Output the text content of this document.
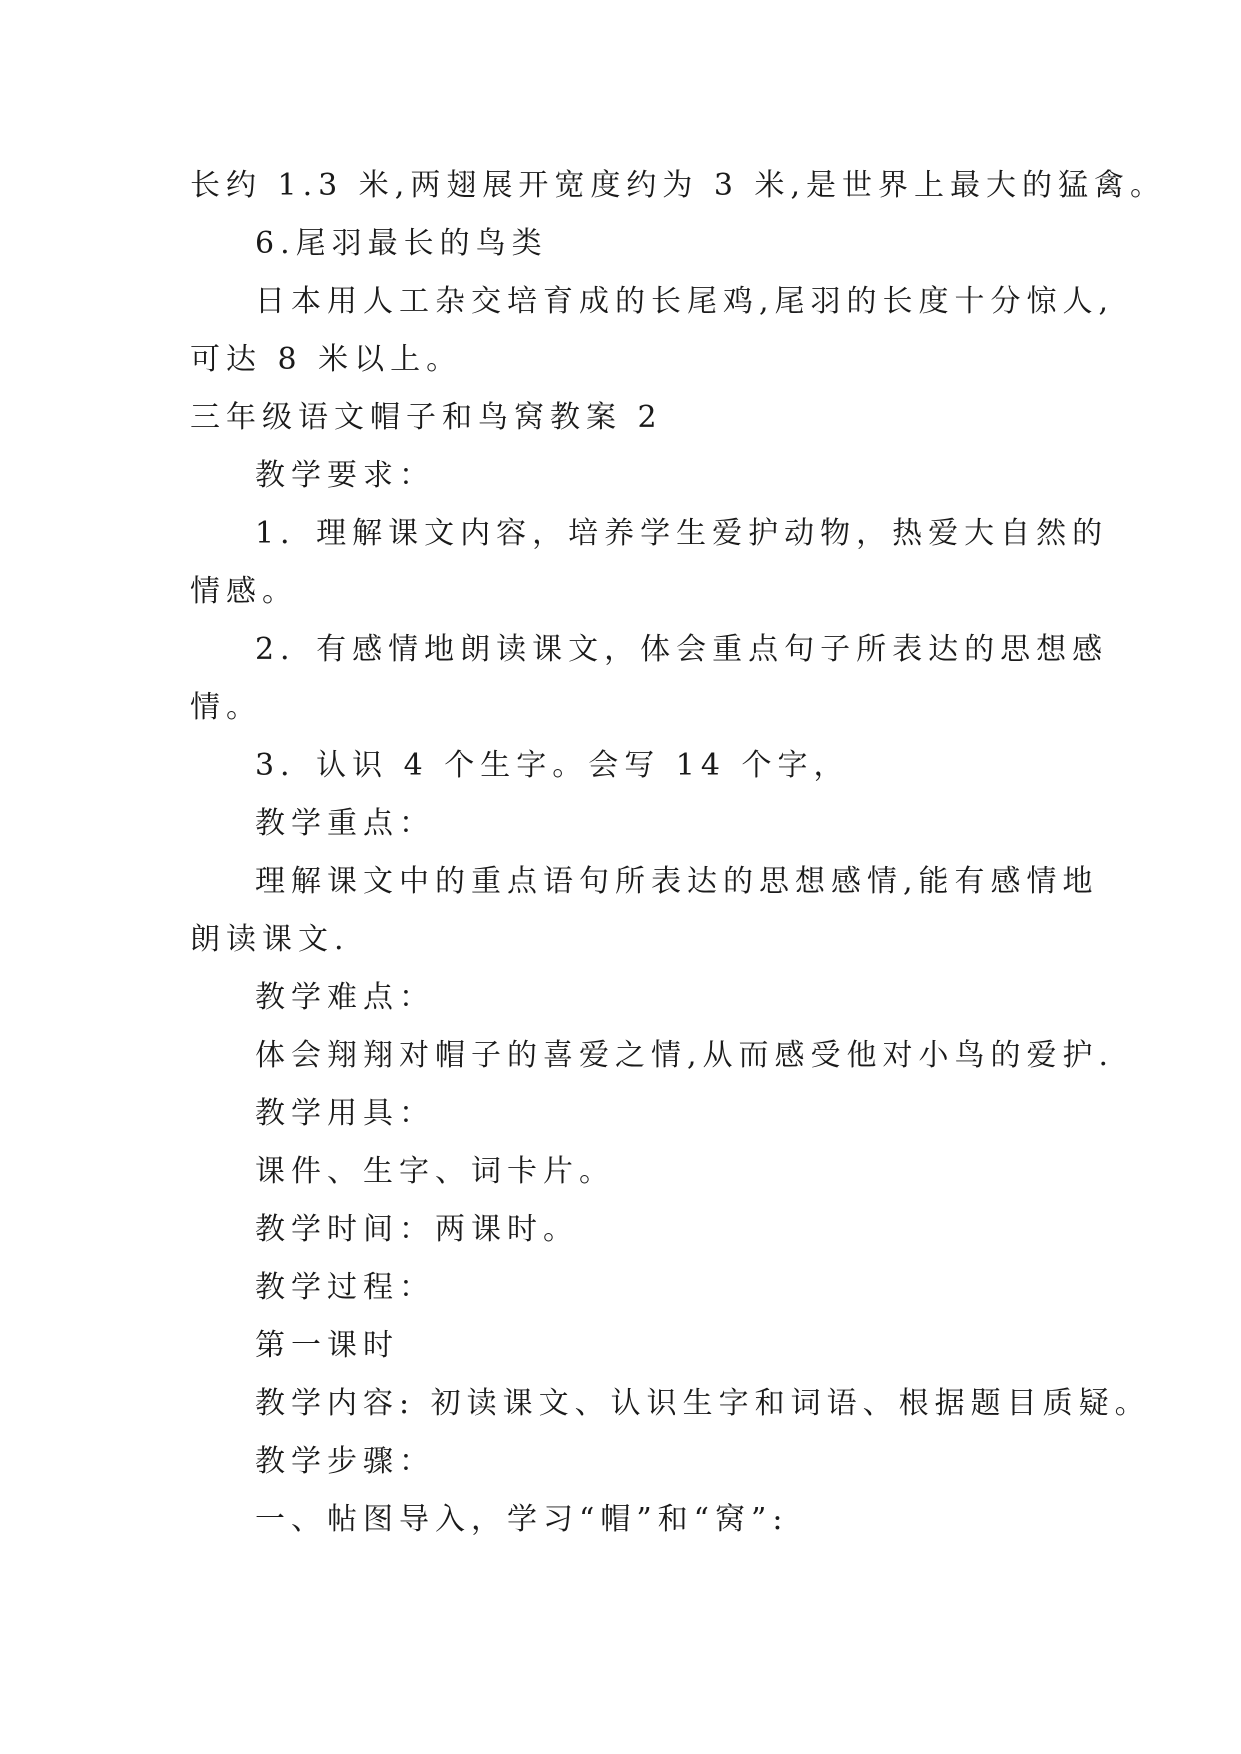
长约 1.3 米,两翅展开宽度约为 3 米,是世界上最大的猛禽。
6.尾羽最长的鸟类
日本用人工杂交培育成的长尾鸡,尾羽的长度十分惊人,
可达 8 米以上。
三年级语文帽子和鸟窝教案 2
教学要求：
1．理解课文内容，培养学生爱护动物，热爱大自然的
情感。
2．有感情地朗读课文，体会重点句子所表达的思想感
情。
3．认识 4 个生字。会写 14 个字，
教学重点：
理解课文中的重点语句所表达的思想感情,能有感情地
朗读课文.
教学难点：
体会翔翔对帽子的喜爱之情,从而感受他对小鸟的爱护.
教学用具：
课件、生字、词卡片。
教学时间：两课时。
教学过程：
第一课时
教学内容: 初读课文、认识生字和词语、根据题目质疑。
教学步骤：
一、帖图导入，学习“帽”和“窝”:
